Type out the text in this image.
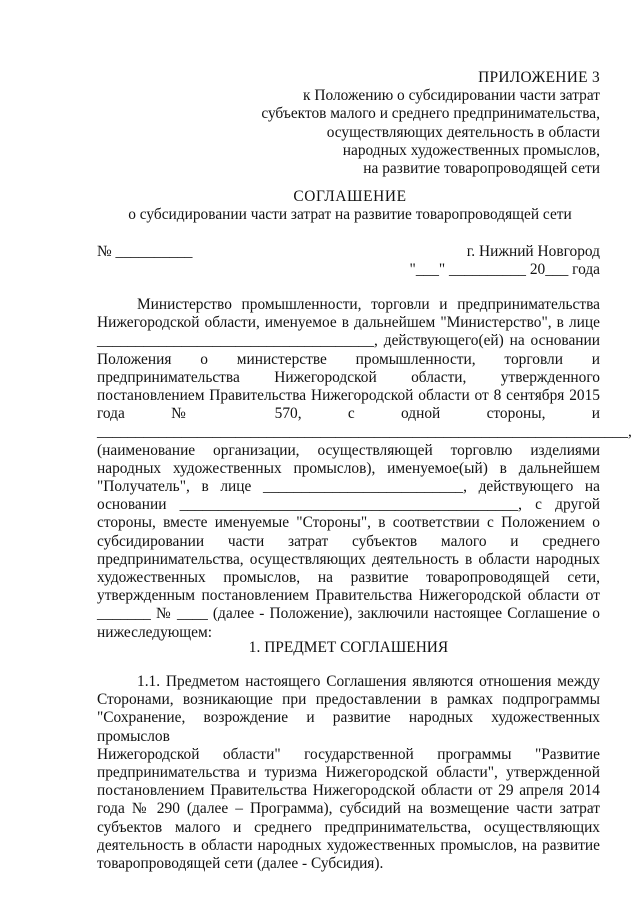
ПРИЛОЖЕНИЕ 3
к Положению о субсидировании части затрат
субъектов малого и среднего предпринимательства,
осуществляющих деятельность в области
народных художественных промыслов,
на развитие товаропроводящей сети
СОГЛАШЕНИЕ
о субсидировании части затрат на развитие товаропроводящей сети
№ __________	г. Нижний Новгород
"___" __________ 20___ года
Министерство промышленности, торговли и предпринимательства
Нижегородской области, именуемое в дальнейшем "Министерство", в лице
____________________________________, действующего(ей) на основании
Положения о министерстве промышленности, торговли и
предпринимательства Нижегородской области, утвержденного
постановлением Правительства Нижегородской области от 8 сентября 2015
года № 570, с одной стороны, и
_____________________________________________________________________,
(наименование организации, осуществляющей торговлю изделиями
народных художественных промыслов), именуемое(ый) в дальнейшем
"Получатель", в лице __________________________, действующего на
основании ____________________________________________, с другой
стороны, вместе именуемые "Стороны", в соответствии с Положением о
субсидировании части затрат субъектов малого и среднего
предпринимательства, осуществляющих деятельность в области народных
художественных промыслов, на развитие товаропроводящей сети,
утвержденным постановлением Правительства Нижегородской области от
_______ № ____ (далее - Положение), заключили настоящее Соглашение о
нижеследующем:
1. ПРЕДМЕТ СОГЛАШЕНИЯ
1.1. Предметом настоящего Соглашения являются отношения между
Сторонами, возникающие при предоставлении в рамках подпрограммы
"Сохранение, возрождение и развитие народных художественных промыслов
Нижегородской области" государственной программы "Развитие
предпринимательства и туризма Нижегородской области", утвержденной
постановлением Правительства Нижегородской области от 29 апреля 2014
года № 290 (далее – Программа), субсидий на возмещение части затрат
субъектов малого и среднего предпринимательства, осуществляющих
деятельность в области народных художественных промыслов, на развитие
товаропроводящей сети (далее - Субсидия).
